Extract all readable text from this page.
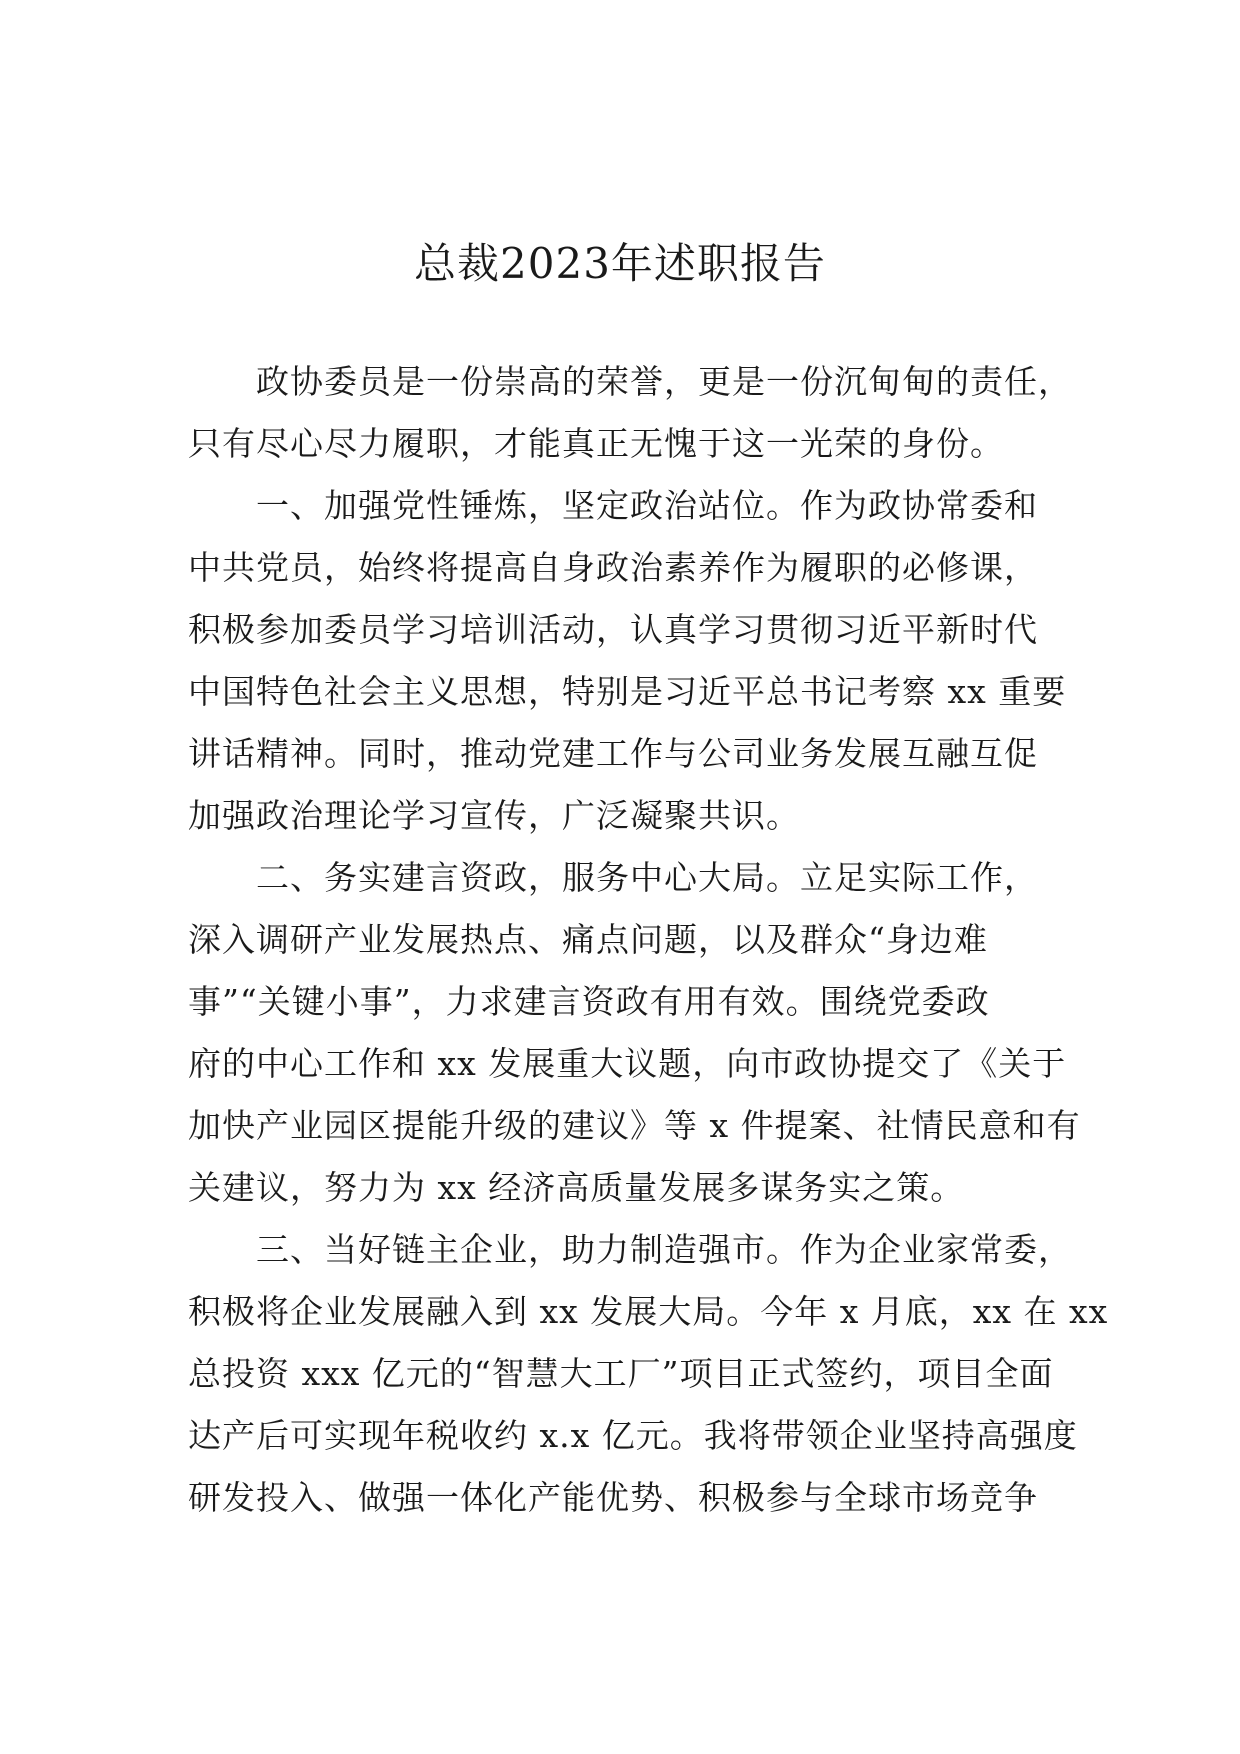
总裁2023年述职报告
政协委员是一份崇高的荣誉，更是一份沉甸甸的责任，
只有尽心尽力履职，才能真正无愧于这一光荣的身份。
一、加强党性锤炼，坚定政治站位。作为政协常委和
中共党员，始终将提高自身政治素养作为履职的必修课，
积极参加委员学习培训活动，认真学习贯彻习近平新时代
中国特色社会主义思想，特别是习近平总书记考察 xx 重要
讲话精神。同时，推动党建工作与公司业务发展互融互促
加强政治理论学习宣传，广泛凝聚共识。
二、务实建言资政，服务中心大局。立足实际工作，
深入调研产业发展热点、痛点问题，以及群众“身边难
事”“关键小事”，力求建言资政有用有效。围绕党委政
府的中心工作和 xx 发展重大议题，向市政协提交了《关于
加快产业园区提能升级的建议》等 x 件提案、社情民意和有
关建议，努力为 xx 经济高质量发展多谋务实之策。
三、当好链主企业，助力制造强市。作为企业家常委，
积极将企业发展融入到 xx 发展大局。今年 x 月底，xx 在 xx
总投资 xxx 亿元的“智慧大工厂”项目正式签约，项目全面
达产后可实现年税收约 x.x 亿元。我将带领企业坚持高强度
研发投入、做强一体化产能优势、积极参与全球市场竞争
